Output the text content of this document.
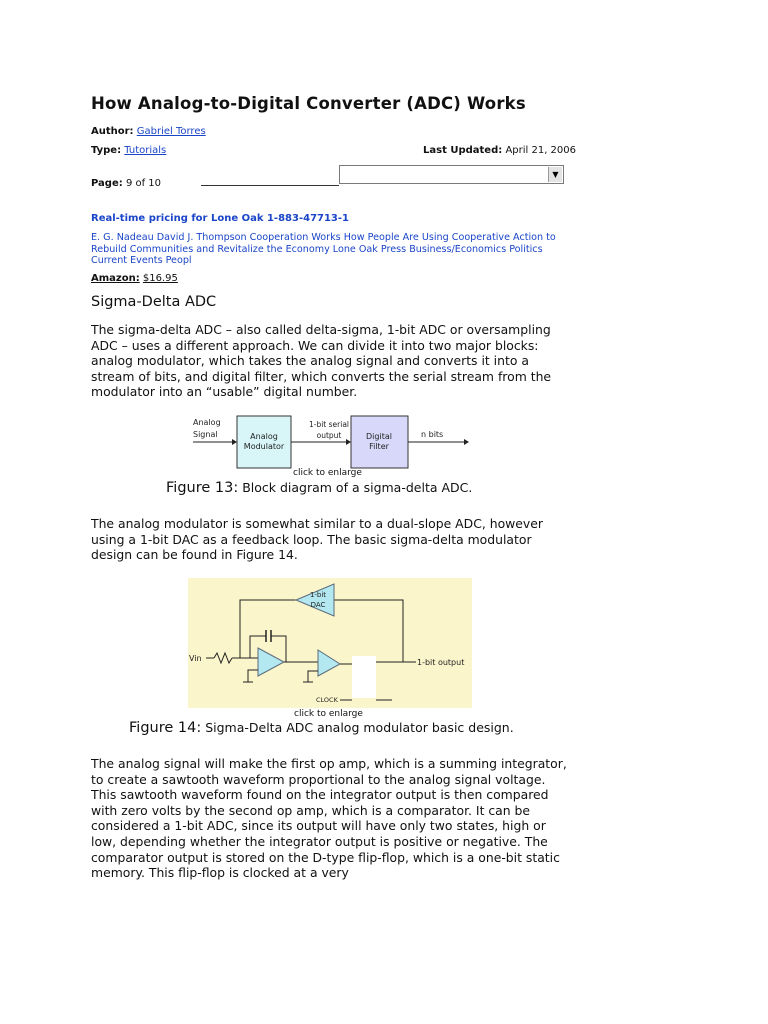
How Analog-to-Digital Converter (ADC) Works
Author: Gabriel Torres
Type: Tutorials	Last Updated: April 21, 2006
Page: 9 of 10
▼
Real-time pricing for Lone Oak 1-883-47713-1
E. G. Nadeau David J. Thompson Cooperation Works How People Are Using Cooperative Action to Rebuild Communities and Revitalize the Economy Lone Oak Press Business/Economics Politics Current Events Peopl
Amazon: $16.95
Sigma-Delta ADC
The sigma-delta ADC – also called delta-sigma, 1-bit ADC or oversampling ADC – uses a different approach. We can divide it into two major blocks: analog modulator, which takes the analog signal and converts it into a stream of bits, and digital filter, which converts the serial stream from the modulator into an “usable” digital number.
Analog
Signal	Analog
Modulator
1-bit serial
output	Digital
Filter
n bits
click to enlarge
Figure 13: Block diagram of a sigma-delta ADC.
The analog modulator is somewhat similar to a dual-slope ADC, however using a 1-bit DAC as a feedback loop. The basic sigma-delta modulator design can be found in Figure 14.
1-bit
DAC
Vin	1-bit output
CLOCK
click to enlarge
Figure 14: Sigma-Delta ADC analog modulator basic design.
The analog signal will make the first op amp, which is a summing integrator, to create a sawtooth waveform proportional to the analog signal voltage. This sawtooth waveform found on the integrator output is then compared with zero volts by the second op amp, which is a comparator. It can be considered a 1-bit ADC, since its output will have only two states, high or low, depending whether the integrator output is positive or negative. The comparator output is stored on the D-type flip-flop, which is a one-bit static memory. This flip-flop is clocked at a very
